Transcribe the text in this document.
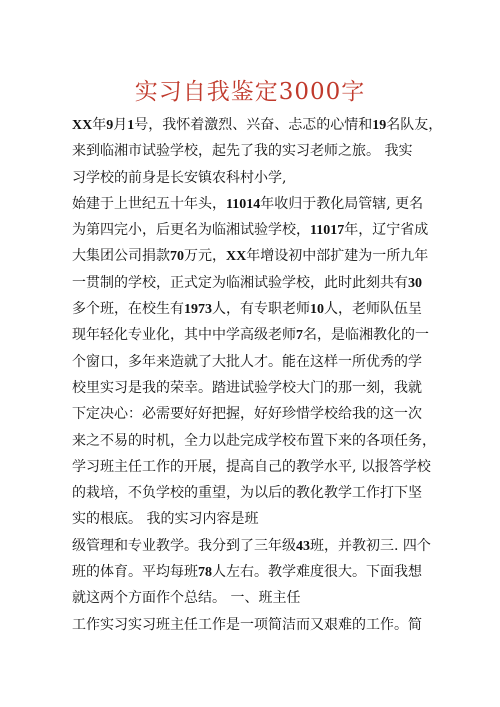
实习自我鉴定3000字
XX年9月1号，我怀着激烈、兴奋、忐忑的心情和19名队友，
来到临湘市试验学校，起先了我的实习老师之旅。 我实
习学校的前身是长安镇农科村小学,
始建于上世纪五十年头，11014年收归于教化局管辖, 更名
为第四完小，后更名为临湘试验学校，11017年，辽宁省成
大集团公司捐款70万元，XX年增设初中部扩建为一所九年
一贯制的学校，正式定为临湘试验学校，此时此刻共有30
多个班，在校生有1973人，有专职老师10人，老师队伍呈
现年轻化专业化，其中中学高级老师7名，是临湘教化的一
个窗口，多年来造就了大批人才。能在这样一所优秀的学
校里实习是我的荣幸。踏进试验学校大门的那一刻，我就
下定决心：必需要好好把握，好好珍惜学校给我的这一次
来之不易的时机，全力以赴完成学校布置下来的各项任务，
学习班主任工作的开展，提高自己的教学水平, 以报答学校
的栽培，不负学校的重望，为以后的教化教学工作打下坚
实的根底。 我的实习内容是班
级管理和专业教学。我分到了三年级43班，并教初三. 四个
班的体育。平均每班78人左右。教学难度很大。下面我想
就这两个方面作个总结。 一、班主任
工作实习实习班主任工作是一项简洁而又艰难的工作。简
